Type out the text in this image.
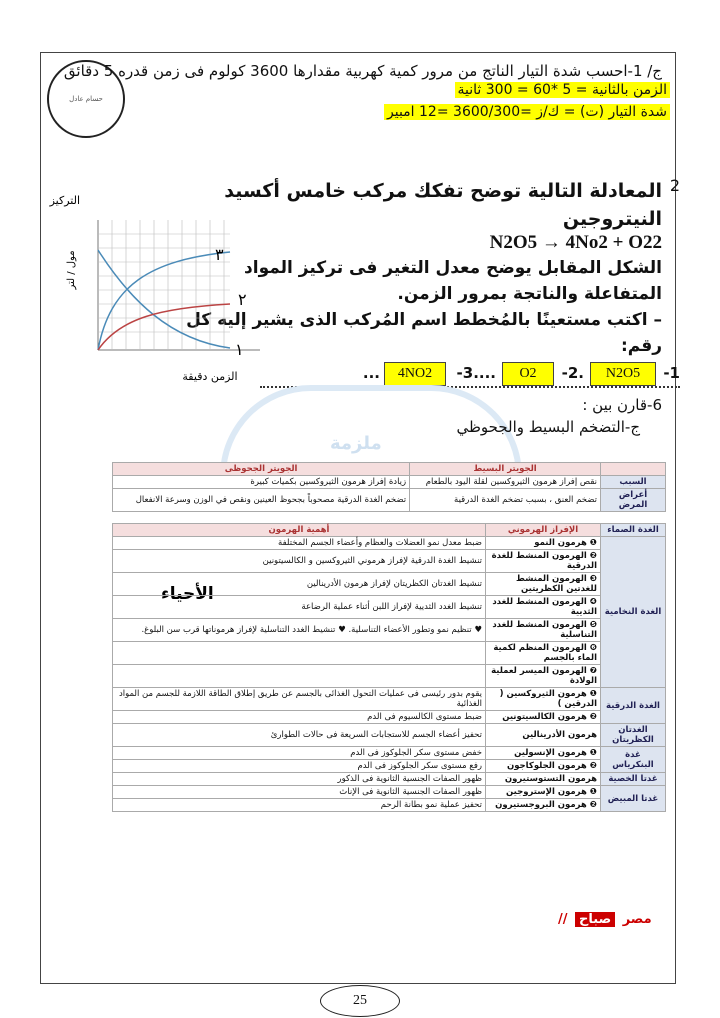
الأحياء
حسام عادل
ج/ 1-احسب شدة التيار الناتج من مرور كمية كهربية مقدارها 3600 كولوم فى زمن قدره 5 دقائق
الزمن بالثانية = 5 *60 = 300 ثانية
شدة التيار (ت) = ك/ز =3600/300 =12 امبير
2
المعادلة التالية توضح تفكك مركب خامس أكسيد
النيتروجين
N2O5 → 4No2 + O22
الشكل المقابل يوضح معدل التغير فى تركيز المواد
المتفاعلة والناتجة بمرور الزمن.
– اكتب مستعينًا بالمُخطط اسم المُركب الذى يشير إليه كل
رقم:
-1
N2O5
-2.
O2
-3....
4NO2
...
٣
٢
١
التركيز
مول / لتر
الزمن دقيقة
ملزمة
6-قارن بين :
ج-التضخم البسيط والجحوظي
	الجويتر البسيط	الجويتر الجحوظى
السبب	نقص إفراز هرمون الثيروكسين لقلة اليود بالطعام	زيادة إفراز هرمون الثيروكسين بكميات كبيرة
أعراض المرض	تضخم العنق ، بسبب تضخم الغدة الدرقية	تضخم الغدة الدرقية مصحوباً بجحوظ العينين ونقص في الوزن وسرعة الانفعال
الغدة الصماء	الإفراز الهرموني	أهمية الهرمون
الغدة النخامية	❶ هرمون النمو	ضبط معدل نمو العضلات والعظام وأعضاء الجسم المختلفة
	❷ الهرمون المنشط للغدة الدرقية	تنشيط الغدة الدرقية لإفراز هرموني الثيروكسين و الكالسيتونين
	❸ الهرمون المنشط للغدتين الكظريتين	تنشيط الغدتان الكظريتان لإفراز هرمون الأدرينالين
	❹ الهرمون المنشط للغدد الثديية	تنشيط الغدد الثديية لإفراز اللبن أثناء عملية الرضاعة
	❺ الهرمون المنشط للغدد التناسلية	♥ تنظيم نمو وتطور الأعضاء التناسلية. ♥ تنشيط الغدد التناسلية لإفراز هرموناتها قرب سن البلوغ.
	❻ الهرمون المنظم لكمية الماء بالجسم	
	❼ الهرمون الميسر لعملية الولادة	
الغدة الدرقية	❶ هرمون الثيروكسين ( الدرقين )	يقوم بدور رئيسى فى عمليات التحول الغذائى بالجسم عن طريق إطلاق الطاقة اللازمة للجسم من المواد الغذائية
	❷ هرمون الكالسيتونين	ضبط مستوى الكالسيوم فى الدم
الغدتان الكظريتان	هرمون الأدرينالين	تحفيز أعضاء الجسم للاستجابات السريعة فى حالات الطوارئ
غدة البنكرياس	❶ هرمون الإنسولين	خفض مستوى سكر الجلوكوز فى الدم
	❷ هرمون الجلوكاجون	رفع مستوى سكر الجلوكوز فى الدم
غدتا الخصية	هرمون التستوستيرون	ظهور الصفات الجنسية الثانوية فى الذكور
غدتا المبيض	❶ هرمون الإستروجين	ظهور الصفات الجنسية الثانوية فى الإناث
	❷ هرمون البروجستيرون	تحفيز عملية نمو بطانة الرحم
مصر صباح //
25
